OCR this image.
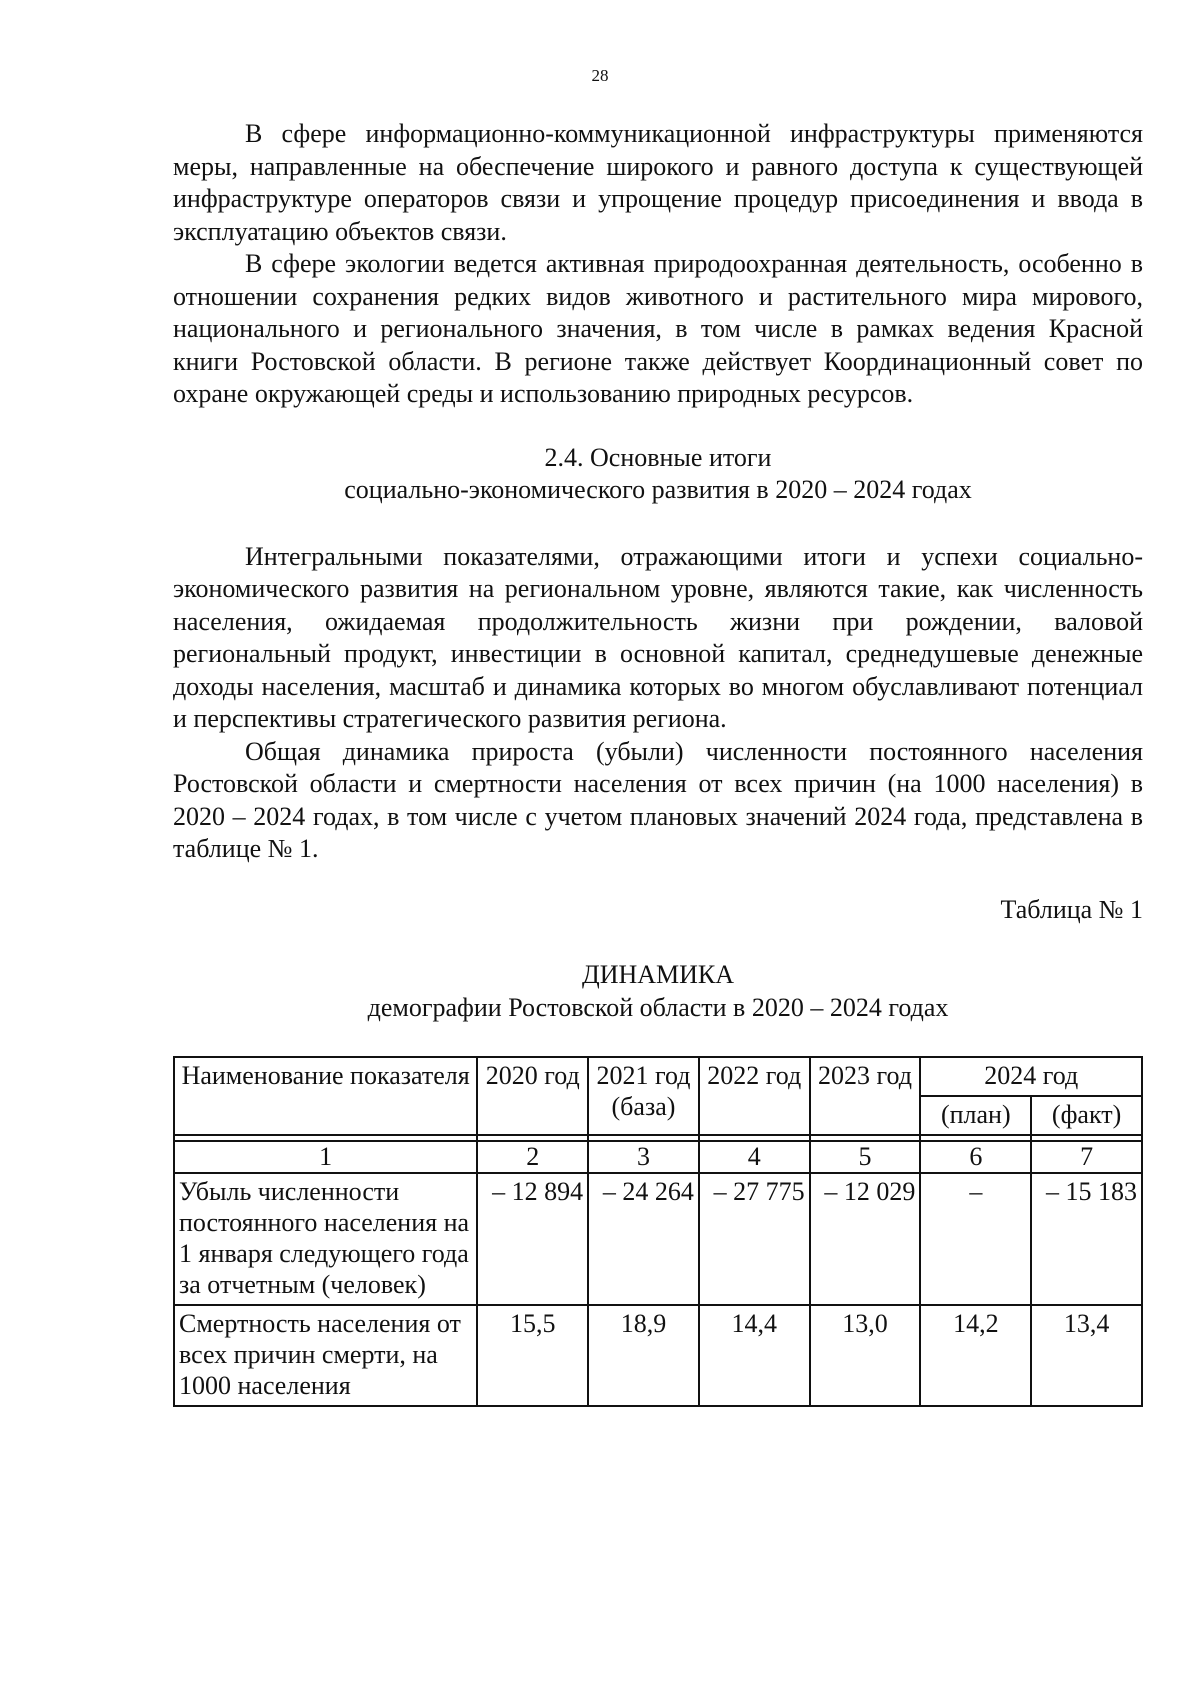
28

В сфере информационно-коммуникационной инфраструктуры применяются меры, направленные на обеспечение широкого и равного доступа к существующей инфраструктуре операторов связи и упрощение процедур присоединения и ввода в эксплуатацию объектов связи.

В сфере экологии ведется активная природоохранная деятельность, особенно в отношении сохранения редких видов животного и растительного мира мирового, национального и регионального значения, в том числе в рамках ведения Красной книги Ростовской области. В регионе также действует Координационный совет по охране окружающей среды и использованию природных ресурсов.

2.4. Основные итоги
социально-экономического развития в 2020 – 2024 годах

Интегральными показателями, отражающими итоги и успехи социально-экономического развития на региональном уровне, являются такие, как численность населения, ожидаемая продолжительность жизни при рождении, валовой региональный продукт, инвестиции в основной капитал, среднедушевые денежные доходы населения, масштаб и динамика которых во многом обуславливают потенциал и перспективы стратегического развития региона.

Общая динамика прироста (убыли) численности постоянного населения Ростовской области и смертности населения от всех причин (на 1000 населения) в 2020 – 2024 годах, в том числе с учетом плановых значений 2024 года, представлена в таблице № 1.

Таблица № 1
ДИНАМИКА
демографии Ростовской области в 2020 – 2024 годах
Наименование показателя	2020 год	2021 год (база)	2022 год	2023 год	2024 год	
					(план)	(факт)

1	2	3	4	5	6	7
Убыль численности постоянного населения на 1 января следующего года за отчетным (человек)	– 12 894	– 24 264	– 27 775	– 12 029	–	– 15 183
Смертность населения от всех причин смерти, на 1000 населения	15,5	18,9	14,4	13,0	14,2	13,4
